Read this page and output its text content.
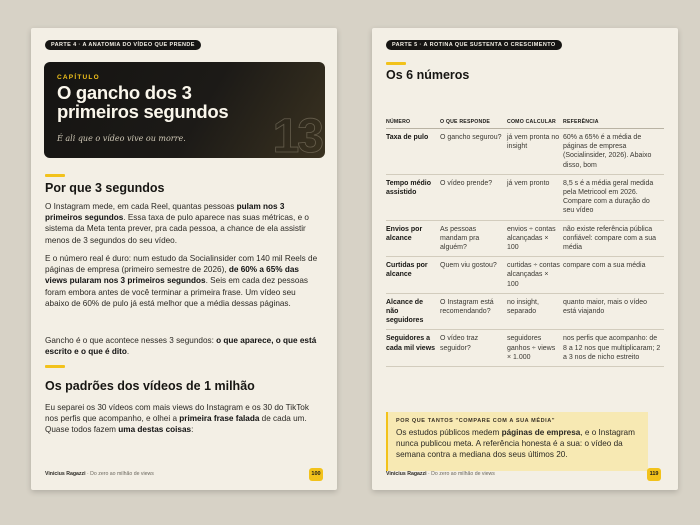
PARTE 4 · A ANATOMIA DO VÍDEO QUE PRENDE
CAPÍTULO
O gancho dos 3 primeiros segundos
É ali que o vídeo vive ou morre. 13
Por que 3 segundos

O Instagram mede, em cada Reel, quantas pessoas pulam nos 3 primeiros segundos. Essa taxa de pulo aparece nas suas métricas, e o sistema da Meta tenta prever, pra cada pessoa, a chance de ela assistir menos de 3 segundos do seu vídeo.

E o número real é duro: num estudo da Socialinsider com 140 mil Reels de páginas de empresa (primeiro semestre de 2026), de 60% a 65% das views pularam nos 3 primeiros segundos. Seis em cada dez pessoas foram embora antes de você terminar a primeira frase. Um vídeo seu abaixo de 60% de pulo já está melhor que a média dessas páginas.

Gancho é o que acontece nesses 3 segundos: o que aparece, o que está escrito e o que é dito.

Os padrões dos vídeos de 1 milhão

Eu separei os 30 vídeos com mais views do Instagram e os 30 do TikTok nos perfis que acompanho, e olhei a primeira frase falada de cada um. Quase todos fazem uma destas coisas:

Vinicius Ragazzi · Do zero ao milhão de views	100
PARTE 5 · A ROTINA QUE SUSTENTA O CRESCIMENTO
Os 6 números
NÚMERO	O QUE RESPONDE	COMO CALCULAR	REFERÊNCIA
Taxa de pulo	O gancho segurou?	já vem pronta no insight	60% a 65% é a média de páginas de empresa (Socialinsider, 2026). Abaixo disso, bom
Tempo médio assistido	O vídeo prende?	já vem pronto	8,5 s é a média geral medida pela Metricool em 2026. Compare com a duração do seu vídeo
Envios por alcance	As pessoas mandam pra alguém?	envios ÷ contas alcançadas × 100	não existe referência pública confiável: compare com a sua média
Curtidas por alcance	Quem viu gostou?	curtidas ÷ contas alcançadas × 100	compare com a sua média
Alcance de não seguidores	O Instagram está recomendando?	no insight, separado	quanto maior, mais o vídeo está viajando
Seguidores a cada mil views	O vídeo traz seguidor?	seguidores ganhos ÷ views × 1.000	nos perfis que acompanho: de 8 a 12 nos que multiplicaram; 2 a 3 nos de nicho estreito
POR QUE TANTOS "COMPARE COM A SUA MÉDIA"
Os estudos públicos medem páginas de empresa, e o Instagram nunca publicou meta. A referência honesta é a sua: o vídeo da semana contra a mediana dos seus últimos 20.
Vinicius Ragazzi · Do zero ao milhão de views	119
